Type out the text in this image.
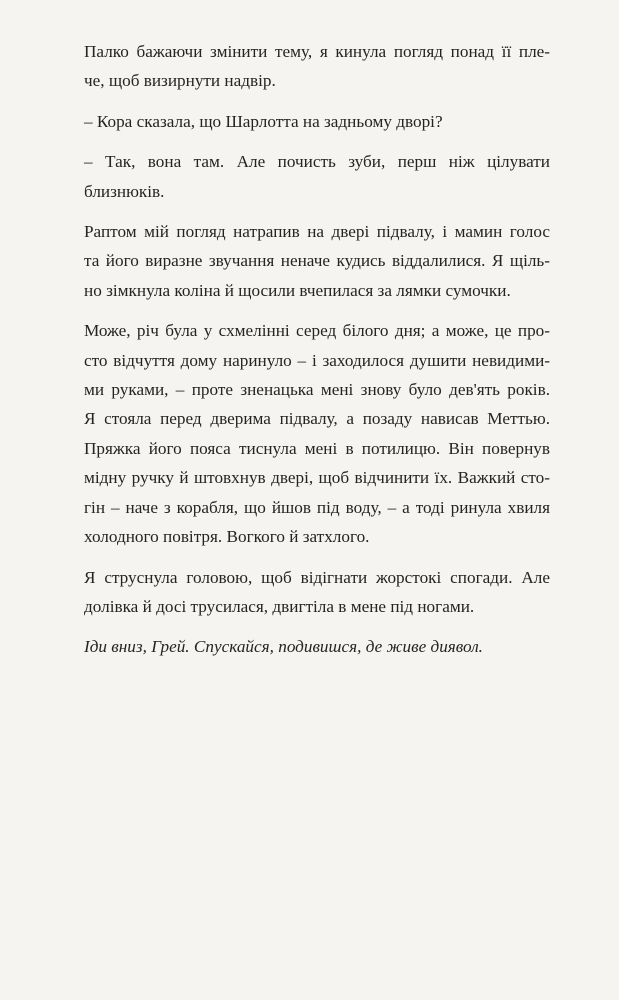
Палко бажаючи змінити тему, я кинула погляд понад її пле-
че, щоб визирнути надвір.

– Кора сказала, що Шарлотта на задньому дворі?

– Так, вона там. Але почисть зуби, перш ніж цілувати
близнюків.

Раптом мій погляд натрапив на двері підвалу, і мамин голос
та його виразне звучання неначе кудись віддалилися. Я щіль-
но зімкнула коліна й щосили вчепилася за лямки сумочки.

Може, річ була у схмелінні серед білого дня; а може, це про-
сто відчуття дому наринуло – і заходилося душити невидими-
ми руками, – проте зненацька мені знову було дев'ять років.
Я стояла перед дверима підвалу, а позаду нависав Меттью.
Пряжка його пояса тиснула мені в потилицю. Він повернув
мідну ручку й штовхнув двері, щоб відчинити їх. Важкий сто-
гін – наче з корабля, що йшов під воду, – а тоді ринула хвиля
холодного повітря. Вогкого й затхлого.

Я струснула головою, щоб відігнати жорстокі спогади. Але
долівка й досі трусилася, двигтіла в мене під ногами.

Іди вниз, Грей. Спускайся, подивишся, де живе диявол.
